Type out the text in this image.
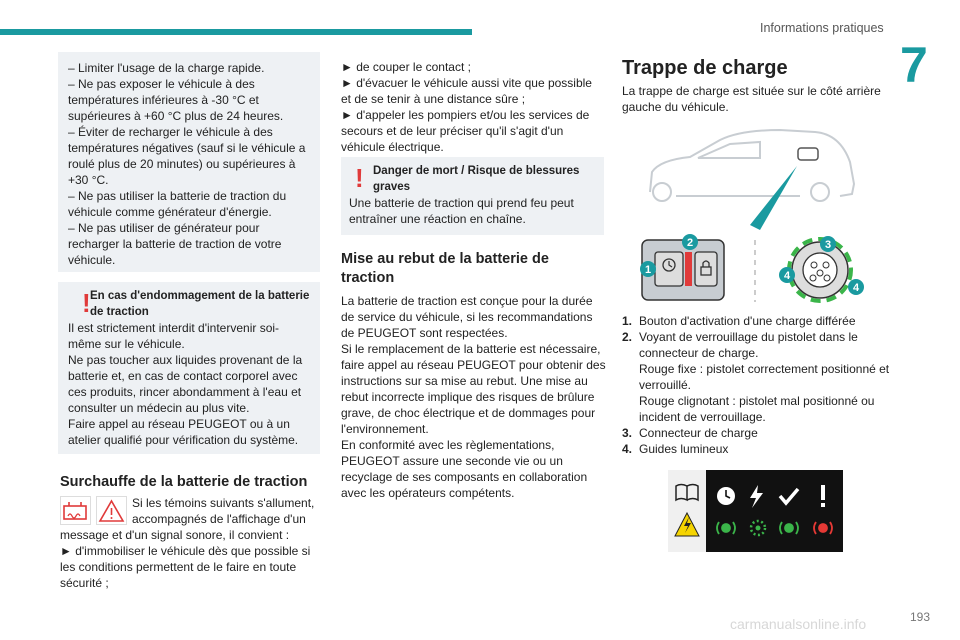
Informations pratiques
7

– Limiter l'usage de la charge rapide.
– Ne pas exposer le véhicule à des températures inférieures à -30 °C et supérieures à +60 °C plus de 24 heures.
– Éviter de recharger le véhicule à des températures négatives (sauf si le véhicule a roulé plus de 20 minutes) ou supérieures à +30 °C.
– Ne pas utiliser la batterie de traction du véhicule comme générateur d'énergie.
– Ne pas utiliser de générateur pour recharger la batterie de traction de votre véhicule.

! En cas d'endommagement de la batterie de traction

Il est strictement interdit d'intervenir soi-même sur le véhicule.
Ne pas toucher aux liquides provenant de la batterie et, en cas de contact corporel avec ces produits, rincer abondamment à l'eau et consulter un médecin au plus vite.
Faire appel au réseau PEUGEOT ou à un atelier qualifié pour vérification du système.

Surchauffe de la batterie de traction

Si les témoins suivants s'allument, accompagnés de l'affichage d'un

message et d'un signal sonore, il convient :
► d'immobiliser le véhicule dès que possible si les conditions permettent de le faire en toute sécurité ;

► de couper le contact ;
► d'évacuer le véhicule aussi vite que possible et de se tenir à une distance sûre ;
► d'appeler les pompiers et/ou les services de secours et de leur préciser qu'il s'agit d'un véhicule électrique.

! Danger de mort / Risque de blessures graves

Une batterie de traction qui prend feu peut entraîner une réaction en chaîne.

Mise au rebut de la batterie de traction

La batterie de traction est conçue pour la durée de service du véhicule, si les recommandations de PEUGEOT sont respectées.
Si le remplacement de la batterie est nécessaire, faire appel au réseau PEUGEOT pour obtenir des instructions sur sa mise au rebut. Une mise au rebut incorrecte implique des risques de brûlure grave, de choc électrique et de dommages pour l'environnement.
En conformité avec les règlementations, PEUGEOT assure une seconde vie ou un recyclage de ses composants en collaboration avec les opérateurs compétents.

Trappe de charge

La trappe de charge est située sur le côté arrière gauche du véhicule.

1
2	3
4
4
1. Bouton d'activation d'une charge différée
2. Voyant de verrouillage du pistolet dans le connecteur de charge.
Rouge fixe : pistolet correctement positionné et verrouillé.
Rouge clignotant : pistolet mal positionné ou incident de verrouillage.
3. Connecteur de charge
4. Guides lumineux
carmanualsonline.info	193
